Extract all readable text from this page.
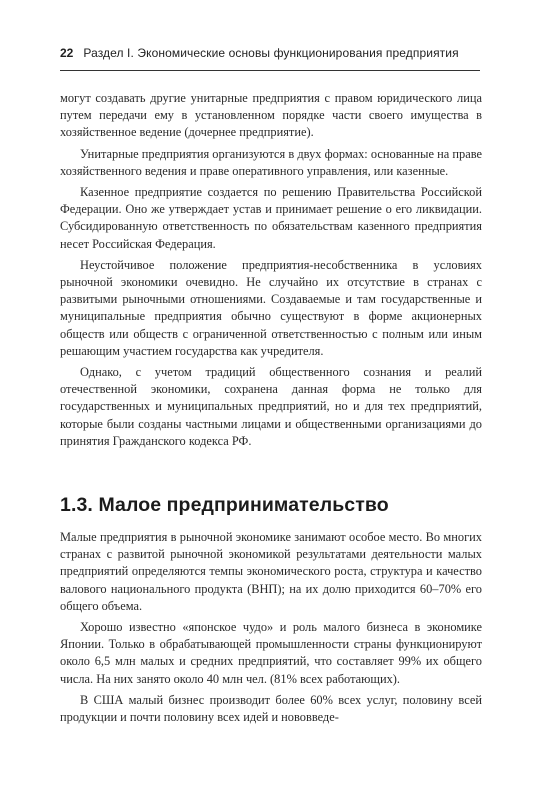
22 Раздел I. Экономические основы функционирования предприятия

могут создавать другие унитарные предприятия с правом юридического лица путем передачи ему в установленном порядке части своего имущества в хозяйственное ведение (дочернее предприятие).

Унитарные предприятия организуются в двух формах: основанные на праве хозяйственного ведения и праве оперативного управления, или казенные.

Казенное предприятие создается по решению Правительства Российской Федерации. Оно же утверждает устав и принимает решение о его ликвидации. Субсидированную ответственность по обязательствам казенного предприятия несет Российская Федерация.

Неустойчивое положение предприятия-несобственника в условиях рыночной экономики очевидно. Не случайно их отсутствие в странах с развитыми рыночными отношениями. Создаваемые и там государственные и муниципальные предприятия обычно существуют в форме акционерных обществ или обществ с ограниченной ответственностью с полным или иным решающим участием государства как учредителя.

Однако, с учетом традиций общественного сознания и реалий отечественной экономики, сохранена данная форма не только для государственных и муниципальных предприятий, но и для тех предприятий, которые были созданы частными лицами и общественными организациями до принятия Гражданского кодекса РФ.

1.3. Малое предпринимательство

Малые предприятия в рыночной экономике занимают особое место. Во многих странах с развитой рыночной экономикой результатами деятельности малых предприятий определяются темпы экономического роста, структура и качество валового национального продукта (ВНП); на их долю приходится 60–70% его общего объема.

Хорошо известно «японское чудо» и роль малого бизнеса в экономике Японии. Только в обрабатывающей промышленности страны функционируют около 6,5 млн малых и средних предприятий, что составляет 99% их общего числа. На них занято около 40 млн чел. (81% всех работающих).

В США малый бизнес производит более 60% всех услуг, половину всей продукции и почти половину всех идей и нововведе-
